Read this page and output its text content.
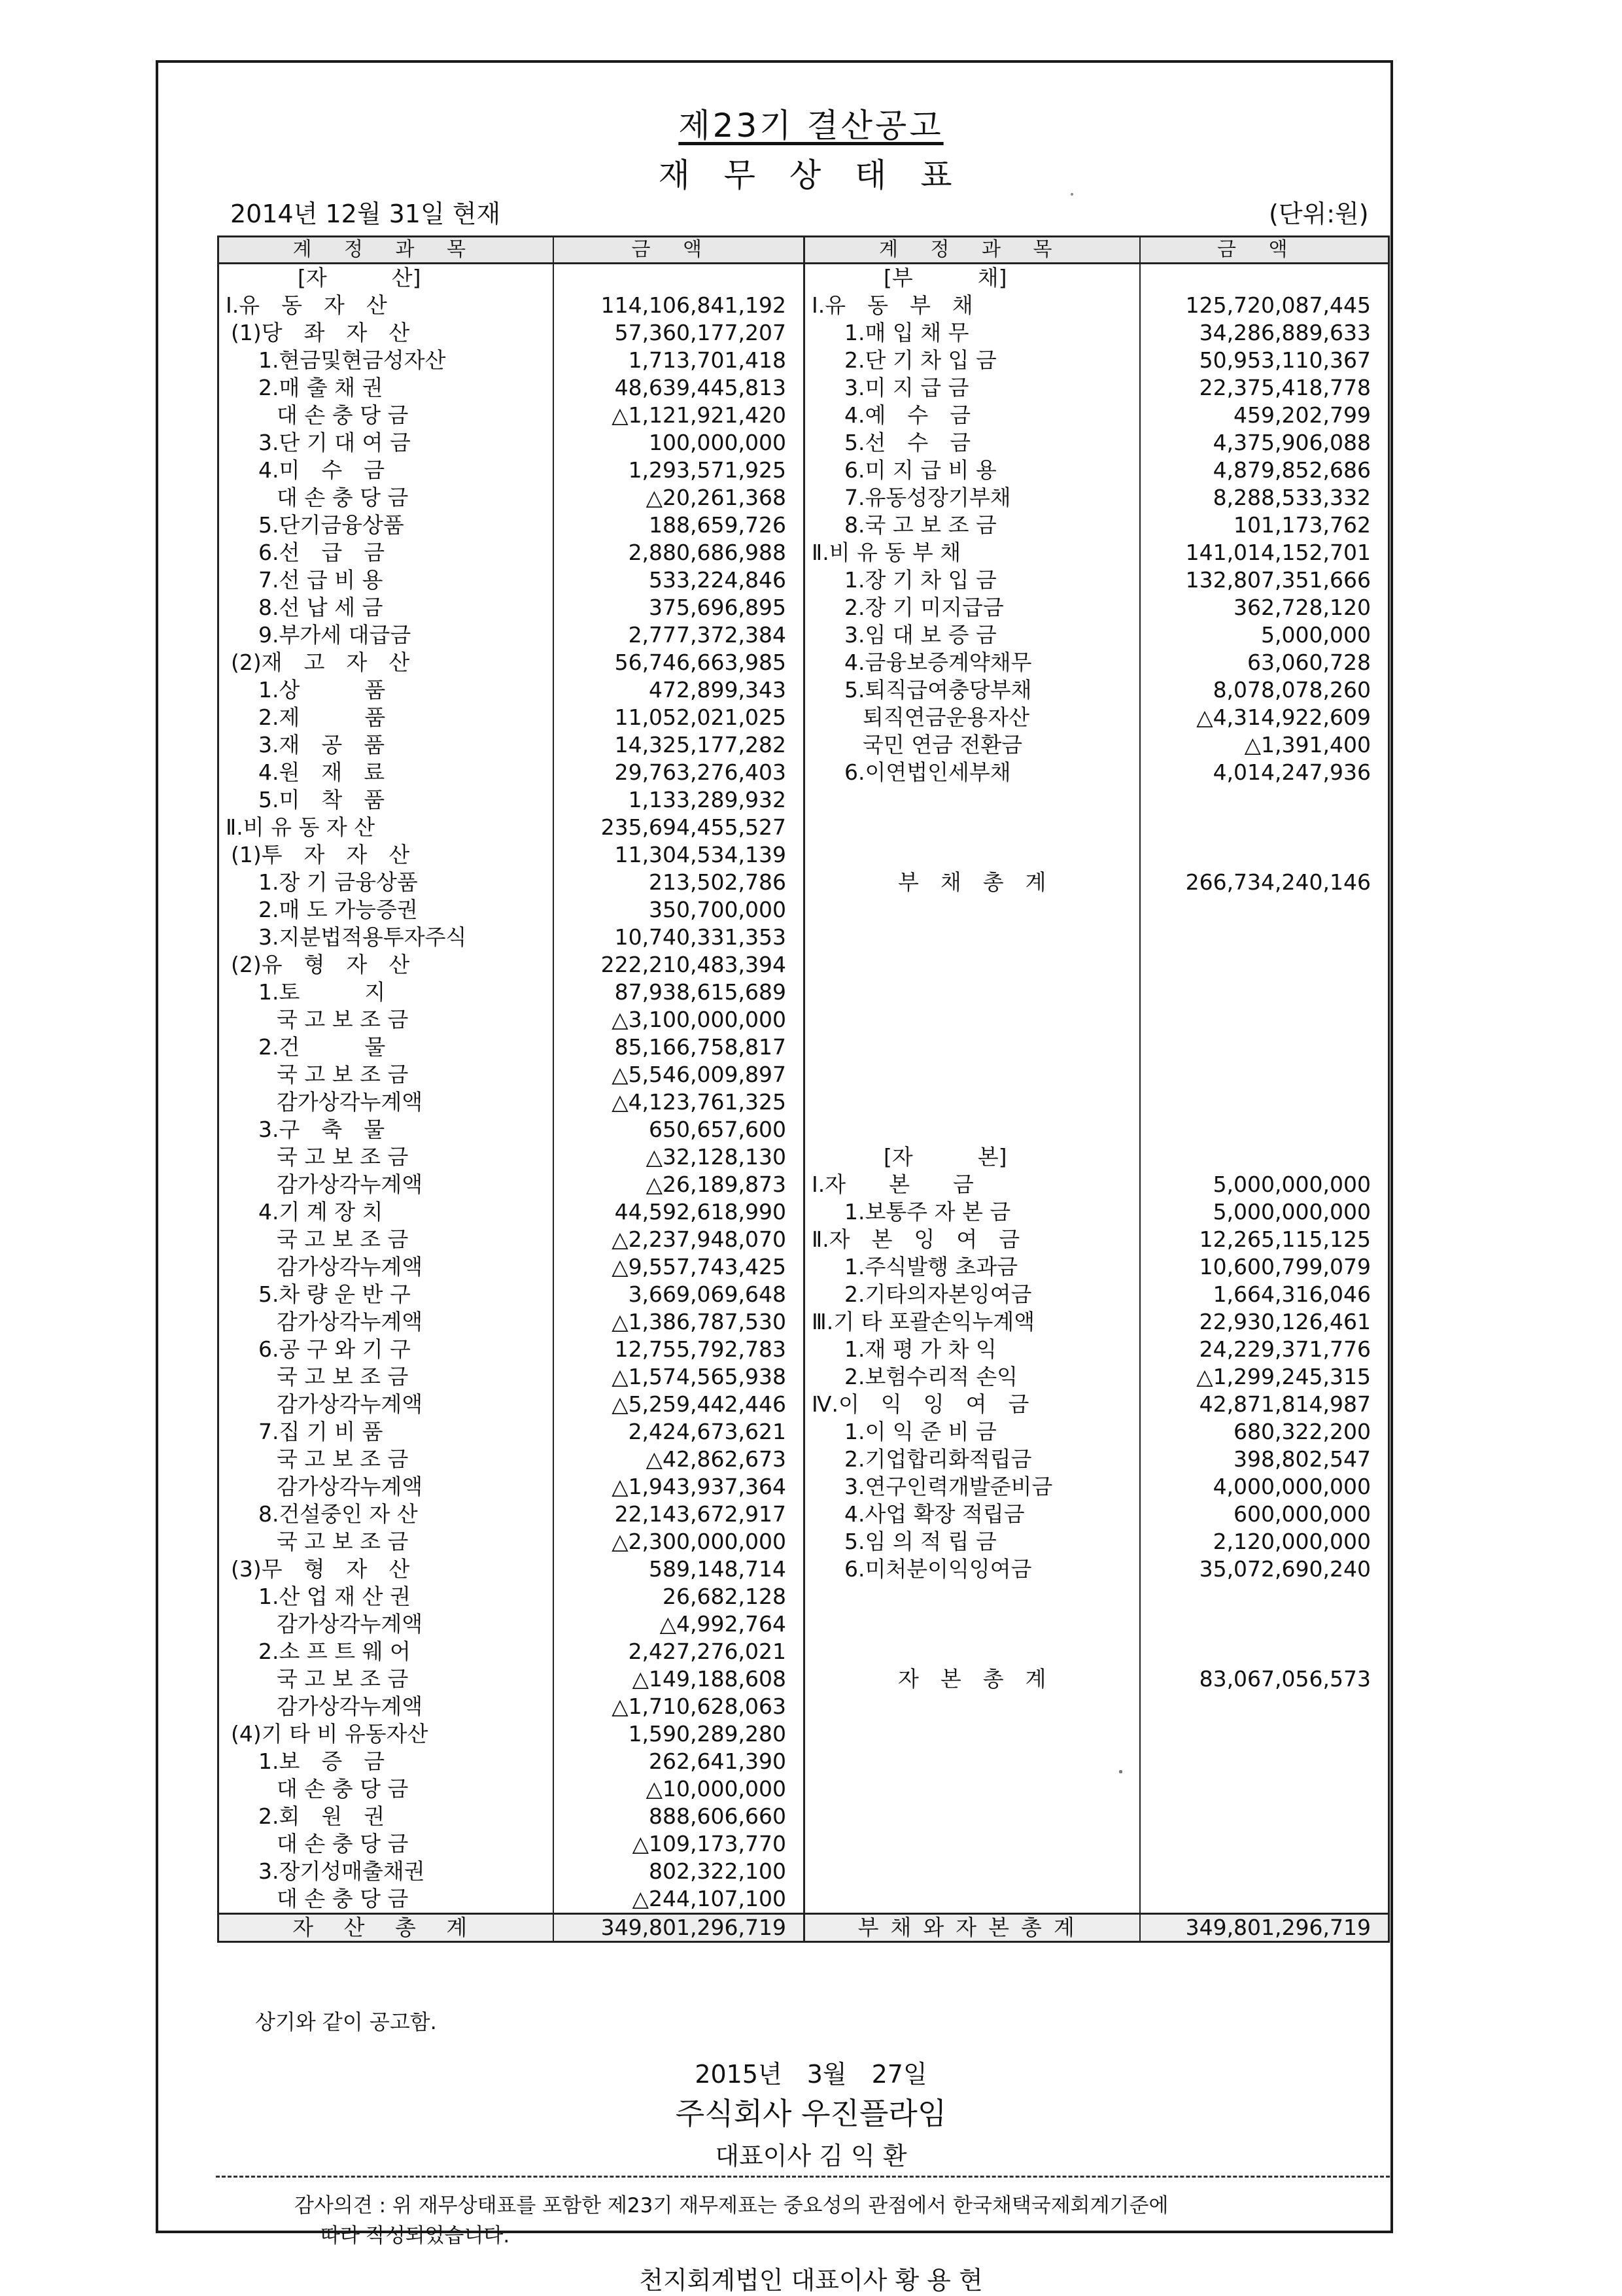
제23기 결산공고
재 무 상 태 표
2014년 12월 31일 현재	(단위:원)
계 정 과 목	금 액	계 정 과 목	금 액
[자　　　산]		[부　　　채]	
Ⅰ.유　동　자　산	114,106,841,192	Ⅰ.유　동　부　채	125,720,087,445
(1)당　좌　자　산	57,360,177,207	1.매 입 채 무	34,286,889,633
1.현금및현금성자산	1,713,701,418	2.단 기 차 입 금	50,953,110,367
2.매 출 채 권	48,639,445,813	3.미 지 급 금	22,375,418,778
대 손 충 당 금	△1,121,921,420	4.예　수　금	459,202,799
3.단 기 대 여 금	100,000,000	5.선　수　금	4,375,906,088
4.미　수　금	1,293,571,925	6.미 지 급 비 용	4,879,852,686
대 손 충 당 금	△20,261,368	7.유동성장기부채	8,288,533,332
5.단기금융상품	188,659,726	8.국 고 보 조 금	101,173,762
6.선　급　금	2,880,686,988	Ⅱ.비 유 동 부 채	141,014,152,701
7.선 급 비 용	533,224,846	1.장 기 차 입 금	132,807,351,666
8.선 납 세 금	375,696,895	2.장 기 미지급금	362,728,120
9.부가세 대급금	2,777,372,384	3.임 대 보 증 금	5,000,000
(2)재　고　자　산	56,746,663,985	4.금융보증계약채무	63,060,728
1.상　　　품	472,899,343	5.퇴직급여충당부채	8,078,078,260
2.제　　　품	11,052,021,025	퇴직연금운용자산	△4,314,922,609
3.재　공　품	14,325,177,282	국민 연금 전환금	△1,391,400
4.원　재　료	29,763,276,403	6.이연법인세부채	4,014,247,936
5.미　착　품	1,133,289,932		
Ⅱ.비 유 동 자 산	235,694,455,527		
(1)투　자　자　산	11,304,534,139		
1.장 기 금융상품	213,502,786	부　채　총　계	266,734,240,146
2.매 도 가능증권	350,700,000		
3.지분법적용투자주식	10,740,331,353		
(2)유　형　자　산	222,210,483,394		
1.토　　　지	87,938,615,689		
국 고 보 조 금	△3,100,000,000		
2.건　　　물	85,166,758,817		
국 고 보 조 금	△5,546,009,897		
감가상각누계액	△4,123,761,325		
3.구　축　물	650,657,600		
국 고 보 조 금	△32,128,130	[자　　　본]	
감가상각누계액	△26,189,873	Ⅰ.자　　본　　금	5,000,000,000
4.기 계 장 치	44,592,618,990	1.보통주 자 본 금	5,000,000,000
국 고 보 조 금	△2,237,948,070	Ⅱ.자　본　잉　여　금	12,265,115,125
감가상각누계액	△9,557,743,425	1.주식발행 초과금	10,600,799,079
5.차 량 운 반 구	3,669,069,648	2.기타의자본잉여금	1,664,316,046
감가상각누계액	△1,386,787,530	Ⅲ.기 타 포괄손익누계액	22,930,126,461
6.공 구 와 기 구	12,755,792,783	1.재 평 가 차 익	24,229,371,776
국 고 보 조 금	△1,574,565,938	2.보험수리적 손익	△1,299,245,315
감가상각누계액	△5,259,442,446	Ⅳ.이　익　잉　여　금	42,871,814,987
7.집 기 비 품	2,424,673,621	1.이 익 준 비 금	680,322,200
국 고 보 조 금	△42,862,673	2.기업합리화적립금	398,802,547
감가상각누계액	△1,943,937,364	3.연구인력개발준비금	4,000,000,000
8.건설중인 자 산	22,143,672,917	4.사업 확장 적립금	600,000,000
국 고 보 조 금	△2,300,000,000	5.임 의 적 립 금	2,120,000,000
(3)무　형　자　산	589,148,714	6.미처분이익잉여금	35,072,690,240
1.산 업 재 산 권	26,682,128		
감가상각누계액	△4,992,764		
2.소 프 트 웨 어	2,427,276,021		
국 고 보 조 금	△149,188,608	자　본　총　계	83,067,056,573
감가상각누계액	△1,710,628,063		
(4)기 타 비 유동자산	1,590,289,280		
1.보　증　금	262,641,390		
대 손 충 당 금	△10,000,000		
2.회　원　권	888,606,660		
대 손 충 당 금	△109,173,770		
3.장기성매출채권	802,322,100		
대 손 충 당 금	△244,107,100		
자 산 총 계	349,801,296,719	부채와자본총계	349,801,296,719
상기와 같이 공고함.
2015년　3월　27일
주식회사 우진플라임
대표이사 김 익 환
감사의견 : 위 재무상태표를 포함한 제23기 재무제표는 중요성의 관점에서 한국채택국제회계기준에
따라 작성되었습니다.
천지회계법인 대표이사 황 용 현
